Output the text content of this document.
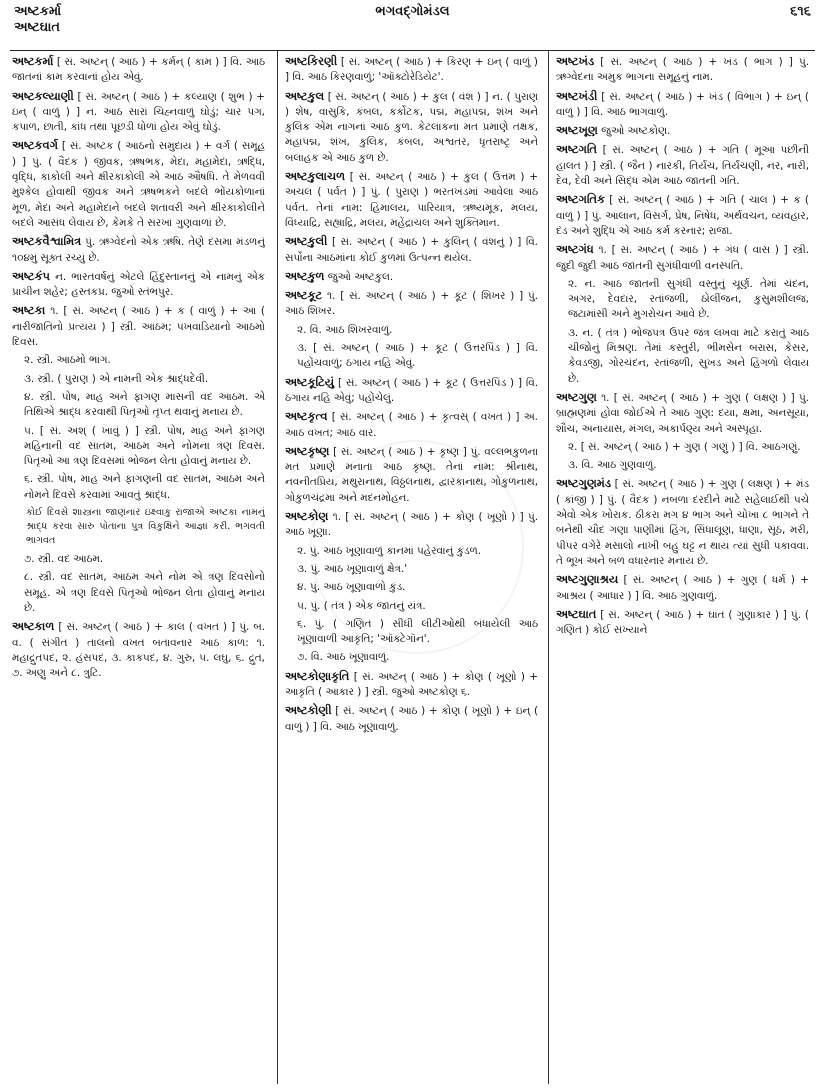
અષ્ટકર્મા
અષ્ટઘાત
ભગવદ્ગોમંડલ	૬૧૬
અષ્ટકર્મા [ સં. અષ્ટન્ ( આઠ ) + કર્મન્ ( કામ ) ] વિ. આઠ જાતનાં કામ કરવાનાં હોય એવું.
અષ્ટકલ્યાણી [ સં. અષ્ટન્ ( આઠ ) + કલ્યાણ ( શુભ ) + ઇન્ ( વાળું ) ] ન. આઠ સારાં ચિહ્નવાળું ઘોડું; ચાર પગ, કપાળ, છાતી, કાંધ તથા પૂછડી ધોળાં હોય એવું ઘોડું.
અષ્ટકવર્ગ [ સં. અષ્ટક ( આઠનો સમુદાય ) + વર્ગ ( સમૂહ ) ] પું. ( વૈદક ) જીવક, ઋષભક, મેદા, મહામેદા, ઋદ્ધિ, વૃદ્ધિ, કાકોલી અને ક્ષીરકાકોલી એ આઠ ઔષધિ. તે મેળવવી મુશ્કેલ હોવાથી જીવક અને ઋષભકને બદલે ભોંયકોળાનાં મૂળ, મેદા અને મહામેદાને બદલે શતાવરી અને ક્ષીરકાકોલીને બદલે આસંધ લેવાય છે, કેમકે તે સરખાં ગુણવાળાં છે.
અષ્ટકવૈશ્વામિત્ર પું. ઋગ્વેદનો એક ઋષિ. તેણે દસમા મંડળનું ૧૦૪મું સૂક્ત રચ્યું છે.
અષ્ટકંપ ન. ભારતવર્ષનું એટલે હિંદુસ્તાનનું એ નામનું એક પ્રાચીન શહેર; હસ્તકપ્ર. જુઓ સ્તંભપુર.
અષ્ટકા ૧. [ સં. અષ્ટન્ ( આઠ ) + ક ( વાળું ) + આ ( નારીજાતિનો પ્રત્યય ) ] સ્ત્રી. આઠમ; પખવાડિયાનો આઠમો દિવસ.
૨. સ્ત્રી. આઠમો ભાગ.
૩. સ્ત્રી. ( પુરાણ ) એ નામની એક શ્રાદ્ધદેવી.
૪. સ્ત્રી. પોષ, માહ અને ફાગણ માસની વદ આઠમ. એ તિથિએ શ્રાદ્ધ કરવાથી પિતૃઓ તૃપ્ત થવાનું મનાય છે.
૫. [ સં. અશ્ ( ખાવું ) ] સ્ત્રી. પોષ, માહ અને ફાગણ મહિનાની વદ સાતમ, આઠમ અને નોમના ત્રણ દિવસ. પિતૃઓ આ ત્રણ દિવસમાં ભોજન લેતા હોવાનું મનાય છે.
૬. સ્ત્રી. પોષ, માહ અને ફાગણની વદ સાતમ, આઠમ અને નોમને દિવસે કરવામાં આવતું શ્રાદ્ધ.
કોઈ દિવસે શાસ્ત્રના જાણનાર ઇક્ષ્વાકુ રાજાએ અષ્ટકા નામનું શ્રાદ્ધ કરવા સારુ પોતાના પુત્ર વિકુક્ષિને આજ્ઞા કરી. ભગવતી ભાગવત
૭. સ્ત્રી. વદ આઠમ.
૮. સ્ત્રી. વદ સાતમ, આઠમ અને નોમ એ ત્રણ દિવસોનો સમૂહ. એ ત્રણ દિવસે પિતૃઓ ભોજન લેતા હોવાનું મનાય છે.
અષ્ટકાળ [ સં. અષ્ટન્ ( આઠ ) + કાલ ( વખત ) ] પું. બ. વ. ( સંગીત ) તાલનો વખત બતાવનાર આઠ કાળ: ૧. મહાદ્રુતપદ, ૨. હંસપદ, ૩. કાકપદ, ૪. ગુરુ, ૫. લઘુ, ૬. દ્રુત, ૭. અણુ અને ૮. ત્રુટિ.
અષ્ટકિરણી [ સં. અષ્ટન્ ( આઠ ) + કિરણ + ઇન્ ( વાળું ) ] વિ. આઠ કિરણવાળું; 'ઑક્ટોરેડિયેટ'.
અષ્ટકુલ [ સં. અષ્ટન્ ( આઠ ) + કુલ ( વંશ ) ] ન. ( પુરાણ ) શેષ, વાસુકિ, કંબલ, કર્કોટક, પદ્મ, મહાપદ્મ, શંખ અને કુલિક એમ નાગનાં આઠ કુળ. કેટલાકના મત પ્રમાણે તક્ષક, મહાપદ્મ, શંખ, કુલિક, કંબલ, અશ્વતર, ધૃતરાષ્ટ્ર અને બલાહક એ આઠ કુળ છે.
અષ્ટકુલાચળ [ સં. અષ્ટન્ ( આઠ ) + કુલ ( ઉત્તમ ) + અચલ ( પર્વત ) ] પું. ( પુરાણ ) ભરતખંડમાં આવેલા આઠ પર્વત. તેનાં નામ: હિમાલય, પારિયાત્ર, ઋષ્યમૂક, મલય, વિંધ્યાદ્રિ, સહ્યાદ્રિ, મલય, મહેંદ્રાચલ અને શુક્તિમાન.
અષ્ટકુલી [ સં. અષ્ટન્ ( આઠ ) + કુલિન્ ( વંશનું ) ] વિ. સર્પોના આઠમાંના કોઈ કુળમાં ઉત્પન્ન થયેલ.
અષ્ટકુળ જુઓ અષ્ટકુલ.
અષ્ટકૂટ ૧. [ સં. અષ્ટન્ ( આઠ ) + કૂટ ( શિખર ) ] પું. આઠ શિખર.
૨. વિ. આઠ શિખરવાળું.
૩. [ સં. અષ્ટન્ ( આઠ ) + કૂટ ( ઉત્તરપિંડ ) ] વિ. પહોંચવાળું; ઠગાય નહિ એવું.
અષ્ટકૂટિયું [ સં. અષ્ટન્ ( આઠ ) + કૂટ ( ઉત્તરપિંડ ) ] વિ. ઠગાય નહિ એવું; પહોંચેલું.
અષ્ટકૃત્વ [ સં. અષ્ટન્ ( આઠ ) + કૃત્વસ્ ( વખત ) ] અ. આઠ વખત; આઠ વાર.
અષ્ટકૃષ્ણ [ સં. અષ્ટન્ ( આઠ ) + કૃષ્ણ ] પું. વલ્લભકુળના મત પ્રમાણે મનાતા આઠ કૃષ્ણ. તેનાં નામ: શ્રીનાથ, નવનીતપ્રિય, મથુરાનાથ, વિઠ્ઠલનાથ, દ્વારકાનાથ, ગોકુળનાથ, ગોકુળચંદ્રમા અને મદનમોહન.
અષ્ટકોણ ૧. [ સં. અષ્ટન્ ( આઠ ) + કોણ ( ખૂણો ) ] પું. આઠ ખૂણા.
૨. પું. આઠ ખૂણાવાળું કાનમાં પહેરવાનું કુંડળ.
૩. પું. આઠ ખૂણાવાળું ક્ષેત્ર.'
૪. પું. આઠ ખૂણાવાળો કુંડ.
૫. પું. ( તંત્ર ) એક જાતનું યંત્ર.
૬. પું. ( ગણિત ) સીધી લીટીઓથી બંધાયેલી આઠ ખૂણાવાળી આકૃતિ; 'ઑક્ટેગૉન'.
૭. વિ. આઠ ખૂણાવાળું.
અષ્ટકોણાકૃતિ [ સં. અષ્ટન્ ( આઠ ) + કોણ ( ખૂણો ) + આકૃતિ ( આકાર ) ] સ્ત્રી. જુઓ અષ્ટકોણ ૬.
અષ્ટકોણી [ સં. અષ્ટન્ ( આઠ ) + કોણ ( ખૂણો ) + ઇન્ ( વાળું ) ] વિ. આઠ ખૂણાવાળું.
અષ્ટખંડ [ સં. અષ્ટન્ ( આઠ ) + ખંડ ( ભાગ ) ] પું. ઋગ્વેદના અમુક ભાગના સમૂહનું નામ.
અષ્ટખંડી [ સં. અષ્ટન્ ( આઠ ) + ખંડ ( વિભાગ ) + ઇન્ ( વાળું ) ] વિ. આઠ ભાગવાળું.
અષ્ટખૂણ જુઓ અષ્ટકોણ.
અષ્ટગતિ [ સં. અષ્ટન્ ( આઠ ) + ગતિ ( મૂઆ પછીની હાલત ) ] સ્ત્રી. ( જૈન ) નારકી, તિર્યંચ, તિર્યંચણી, નર, નારી, દેવ, દેવી અને સિદ્ધ એમ આઠ જાતની ગતિ.
અષ્ટગતિક [ સં. અષ્ટન્ ( આઠ ) + ગતિ ( ચાલ ) + ક ( વાળું ) ] પું. આલાન, વિસર્ગ, પ્રેષ, નિષેધ, અર્થવચન, વ્યવહાર, દંડ અને શુદ્ધિ એ આઠ કર્મ કરનાર; રાજા.
અષ્ટગંધ ૧. [ સં. અષ્ટન્ ( આઠ ) + ગંધ ( વાસ ) ] સ્ત્રી. જુદી જુદી આઠ જાતની સુગંધીવાળી વનસ્પતિ.
૨. ન. આઠ જાતની સુગંધી વસ્તુનું ચૂર્ણ. તેમાં ચંદન, અગર, દેવદાર, રતાંજળી, ઠોલીંજન, કુસુમશીલજ, જટામાંસી અને મુગરોચન આવે છે.
૩. ન. ( તંત્ર ) ભોજપત્ર ઉપર જંત્ર લખવા માટે કરાતું આઠ ચીજોનું મિશ્રણ. તેમાં કસ્તુરી, ભીમસેન બરાસ, કેસર, કેવડજી, ગોરચંદન, રતાંજળી, સુખડ અને હિંગળો લેવાય છે.
અષ્ટગુણ ૧. [ સં. અષ્ટન્ ( આઠ ) + ગુણ ( લક્ષણ ) ] પું. બ્રાહ્મણમાં હોવા જોઈએ તે આઠ ગુણ: દયા, ક્ષમા, અનસૂયા, શૌચ, અનાયાસ, મંગલ, અકાર્પણ્ય અને અસ્પૃહા.
૨. [ સં. અષ્ટન્ ( આઠ ) + ગુણ ( ગણું ) ] વિ. આઠગણું.
૩. વિ. આઠ ગુણવાળું.
અષ્ટગુણમંડ [ સં. અષ્ટન્ ( આઠ ) + ગુણ ( લક્ષણ ) + મંડ ( કાંજી ) ] પું. ( વૈદક ) નબળા દરદીને માટે સહેલાઈથી પચે એવો એક ખોરાક. ઠીકરા મગ ૪ ભાગ અને ચોખા ૮ ભાગને તે બનેથી ચૌદ ગણા પાણીમાં હિંગ, સિંધાલૂણ, ધાણા, સૂંઠ, મરી, પીપર વગેરે મસાલો નાખી બહુ ઘટ્ટ ન થાય ત્યાં સુધી પકાવવા. તે ભૂખ અને બળ વધારનાર મનાય છે.
અષ્ટગુણાશ્રય [ સં. અષ્ટન્ ( આઠ ) + ગુણ ( ધર્મ ) + આશ્રય ( આધાર ) ] વિ. આઠ ગુણવાળું.
અષ્ટઘાત [ સં. અષ્ટન્ ( આઠ ) + ઘાત ( ગુણાકાર ) ] પું. ( ગણિત ) કોઈ સંખ્યાને
